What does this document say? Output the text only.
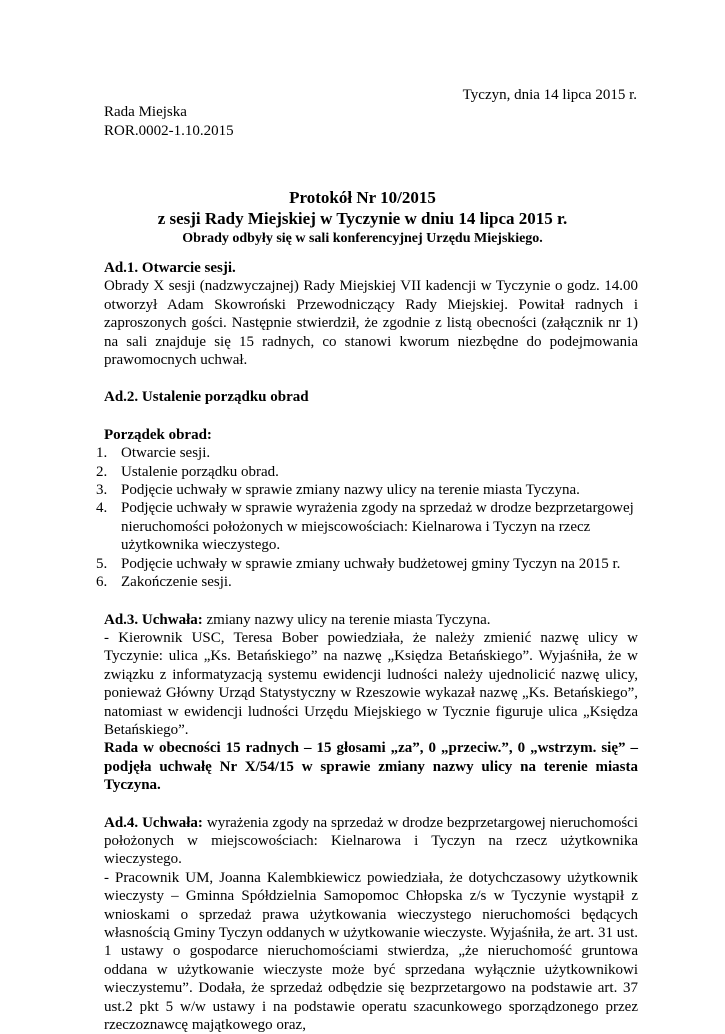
Tyczyn, dnia 14 lipca 2015 r.
Rada Miejska
ROR.0002-1.10.2015
Protokół Nr 10/2015
z sesji Rady Miejskiej w Tyczynie w dniu 14 lipca 2015 r.
Obrady odbyły się w sali konferencyjnej Urzędu Miejskiego.

Ad.1. Otwarcie sesji.

Obrady X sesji (nadzwyczajnej) Rady Miejskiej VII kadencji w Tyczynie o godz. 14.00 otworzył Adam Skowroński Przewodniczący Rady Miejskiej. Powitał radnych i zaproszonych gości. Następnie stwierdził, że zgodnie z listą obecności (załącznik nr 1) na sali znajduje się 15 radnych, co stanowi kworum niezbędne do podejmowania prawomocnych uchwał.

Ad.2. Ustalenie porządku obrad

Porządek obrad:

1. Otwarcie sesji.
2. Ustalenie porządku obrad.
3. Podjęcie uchwały w sprawie zmiany nazwy ulicy na terenie miasta Tyczyna.
4. Podjęcie uchwały w sprawie wyrażenia zgody na sprzedaż w drodze bezprzetargowej nieruchomości położonych w miejscowościach: Kielnarowa i Tyczyn na rzecz użytkownika wieczystego.
5. Podjęcie uchwały w sprawie zmiany uchwały budżetowej gminy Tyczyn na 2015 r.
6. Zakończenie sesji.

Ad.3. Uchwała: zmiany nazwy ulicy na terenie miasta Tyczyna.

- Kierownik USC, Teresa Bober powiedziała, że należy zmienić nazwę ulicy w Tyczynie: ulica „Ks. Betańskiego” na nazwę „Księdza Betańskiego”. Wyjaśniła, że w związku z informatyzacją systemu ewidencji ludności należy ujednolicić nazwę ulicy, ponieważ Główny Urząd Statystyczny w Rzeszowie wykazał nazwę „Ks. Betańskiego”, natomiast w ewidencji ludności Urzędu Miejskiego w Tycznie figuruje ulica „Księdza Betańskiego”.

Rada w obecności 15 radnych – 15 głosami „za”, 0 „przeciw.”, 0 „wstrzym. się” – podjęła uchwałę Nr X/54/15 w sprawie zmiany nazwy ulicy na terenie miasta Tyczyna.

Ad.4. Uchwała: wyrażenia zgody na sprzedaż w drodze bezprzetargowej nieruchomości położonych w miejscowościach: Kielnarowa i Tyczyn na rzecz użytkownika wieczystego.

- Pracownik UM, Joanna Kalembkiewicz powiedziała, że dotychczasowy użytkownik wieczysty – Gminna Spółdzielnia Samopomoc Chłopska z/s w Tyczynie wystąpił z wnioskami o sprzedaż prawa użytkowania wieczystego nieruchomości będących własnością Gminy Tyczyn oddanych w użytkowanie wieczyste. Wyjaśniła, że art. 31 ust. 1 ustawy o gospodarce nieruchomościami stwierdza, „że nieruchomość gruntowa oddana w użytkowanie wieczyste może być sprzedana wyłącznie użytkownikowi wieczystemu”. Dodała, że sprzedaż odbędzie się bezprzetargowo na podstawie art. 37 ust.2 pkt 5 w/w ustawy i na podstawie operatu szacunkowego sporządzonego przez rzeczoznawcę majątkowego oraz,
